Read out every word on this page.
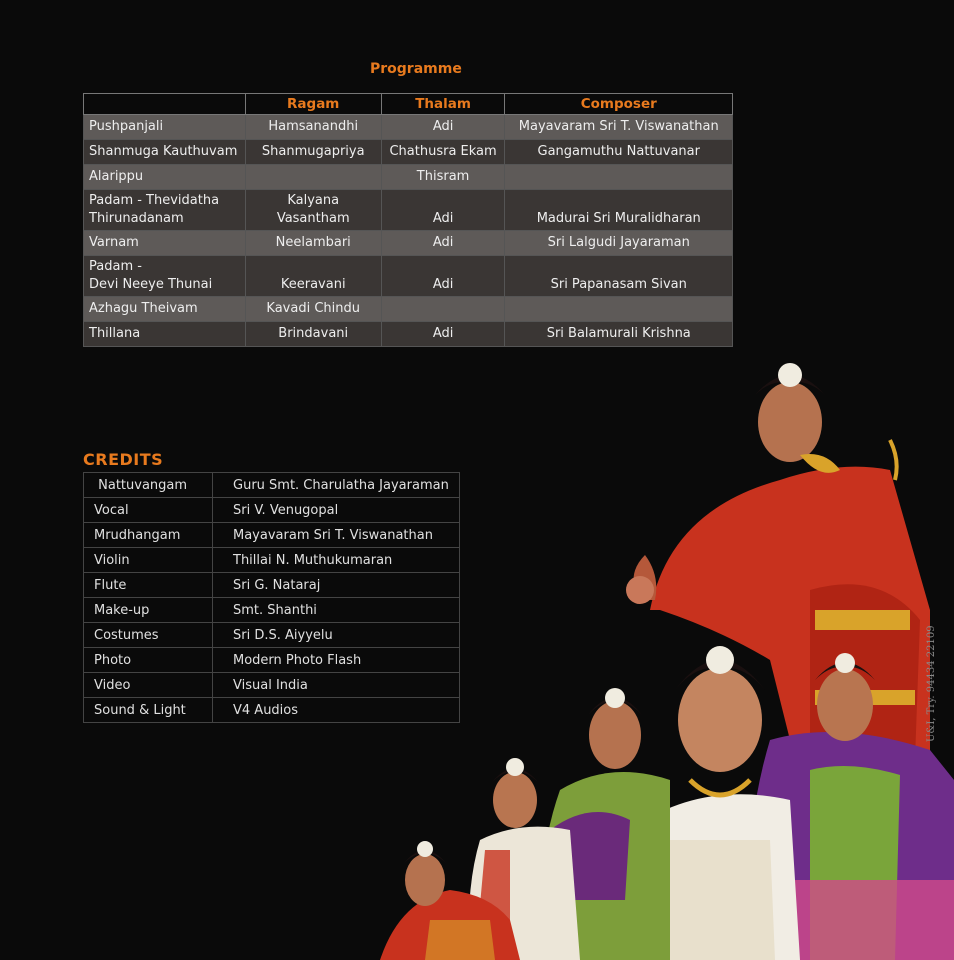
Programme
	Ragam	Thalam	Composer
Pushpanjali	Hamsanandhi	Adi	Mayavaram Sri T. Viswanathan
Shanmuga Kauthuvam	Shanmugapriya	Chathusra Ekam	Gangamuthu Nattuvanar
Alarippu		Thisram	

Padam - Thevidatha
Thirunadanam	Kalyana Vasantham	Adi	Madurai Sri Muralidharan
Varnam	Neelambari	Adi	Sri Lalgudi Jayaraman

Padam -
Devi Neeye Thunai	Keeravani	Adi	Sri Papanasam Sivan
Azhagu Theivam	Kavadi Chindu		
Thillana	Brindavani	Adi	Sri Balamurali Krishna
CREDITS
Nattuvangam	Guru Smt. Charulatha Jayaraman
Vocal	Sri V. Venugopal
Mrudhangam	Mayavaram Sri T. Viswanathan
Violin	Thillai N. Muthukumaran
Flute	Sri G. Nataraj
Make-up	Smt. Shanthi
Costumes	Sri D.S. Aiyyelu
Photo	Modern Photo Flash
Video	Visual India
Sound & Light	V4 Audios	U&I, Try. 94434 22109
